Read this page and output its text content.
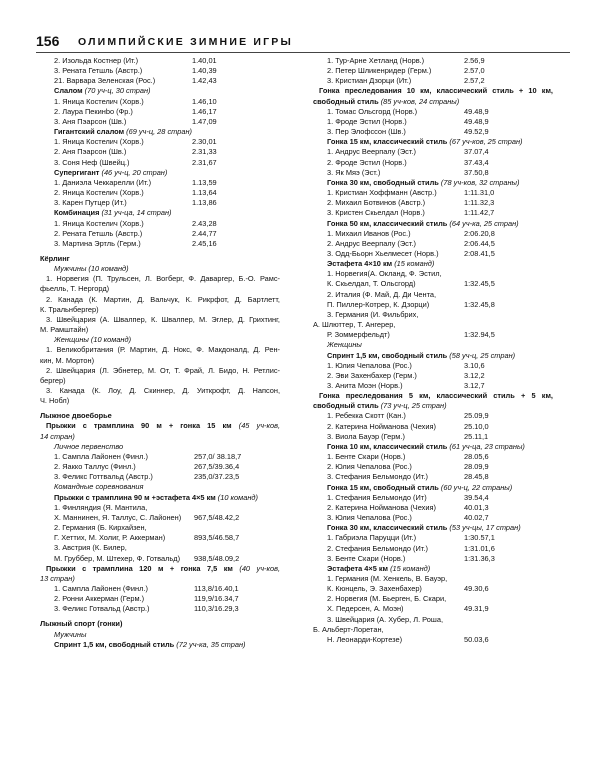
156 ОЛИМПИЙСКИЕ ЗИМНИЕ ИГРЫ
2. Изольда Костнер (Ит.)	1.40,01
3. Рената Гетшль (Австр.)	1.40,39
21. Варвара Зеленская (Рос.)	1.42,43
Слалом (70 уч-ц, 30 стран)
1. Яница Костелич (Хорв.)	1.46,10
2. Лаура Пекинbо (Фр.)	1.46,17
3. Аня Пэарсон (Шв.)	1.47,09
Гигантский слалом (69 уч-ц, 28 стран)
1. Яница Костелич (Хорв.)	2.30,01
2. Аня Пэарсон (Шв.)	2.31,33
3. Соня Неф (Швейц.)	2.31,67
Супергигант (46 уч-ц, 20 стран)
1. Даниэла Чеккарелли (Ит.)	1.13,59
2. Яница Костелич (Хорв.)	1.13,64
3. Карен Путцер (Ит.)	1.13,86
Комбинация (31 уч-ца, 14 стран)
1. Яница Костелич (Хорв.)	2.43,28
2. Рената Гетшль (Австр.)	2.44,77
3. Мартина Эртль (Герм.)	2.45,16
Кёрлинг
Мужчины (10 команд)
1. Норвегия (П. Трульсен, Л. Вогберг, Ф. Даваргер, Б.-О. Рамс-
фьелль, Т. Нергорд)
2. Канада (К. Мартин, Д. Вальчук, К. Рикрфот, Д. Бартлетт,
К. Тральнбергер)
3. Швейцария (А. Швалпер, К. Швалпер, М. Эглер, Д. Грихтинг,
М. Рамштайн)
Женщины (10 команд)
1. Великобритания (Р. Мартин, Д. Нокс, Ф. Макдоналд, Д. Рен-
кин, М. Мортон)
2. Швейцария (Л. Эбнетер, М. От, Т. Фрай, Л. Бидо, Н. Ретлис-
бергер)
3. Канада (К. Лоу, Д. Скиннер, Д. Уиткрофт, Д. Напсон,
Ч. Нобл)
Лыжное двоеборье
Прыжки с трамплина 90 м + гонка 15 км (45 уч-ков,
14 стран)
Личное первенство
1. Сампла Лайонен (Финл.)	257,0/ 38.18,7
2. Яакко Таллус (Финл.)	267,5/39.36,4
3. Феликс Готтвальд (Австр.)	235,0/37.23,5
Командные соревнования
Прыжки с трамплина 90 м +эстафета 4×5 км (10 команд)
1. Финляндия (Я. Мантила,
Х. Маннинен, Я. Таллус, С. Лайонен) 967,5/48.42,2
2. Германия (Б. Кирхайзен,
Г. Хеттих, М. Холиг, Р. Аккерман)	893,5/46.58,7
3. Австрия (К. Билер,
М. Груббер, М. Штехер, Ф. Готвальд) 938,5/48.09,2
Прыжки с трамплина 120 м + гонка 7,5 км (40 уч-ков,
13 стран)
1. Сампла Лайонен (Финл.)	113,8/16.40,1
2. Ронни Аккерман (Герм.)	119,9/16.34,7
3. Феликс Готвальд (Австр.)	110,3/16.29,3
Лыжный спорт (гонки)
Мужчины
Спринт 1,5 км, свободный стиль (72 уч-ка, 35 стран)
1. Тур-Арне Хетланд (Норв.)	2.56,9
2. Петер Шликенридер (Герм.)	2.57,0
3. Кристиан Дзорци (Ит.)	2.57,2
Гонка преследования 10 км, классический стиль + 10 км,
свободный стиль (85 уч-ков, 24 страны)
1. Томас Ольсгорд (Норв.)	49.48,9
1. Фроде Эстил (Норв.)	49.48,9
3. Пер Элофссон (Шв.)	49.52,9
Гонка 15 км, классический стиль (67 уч-ков, 25 стран)
1. Андрус Веерпалу (Эст.)	37.07,4
2. Фроде Эстил (Норв.)	37.43,4
3. Як Мяэ (Эст.)	37.50,8
Гонка 30 км, свободный стиль (78 уч-ков, 32 страны)
1. Кристиан Хоффманн (Австр.)	1:11.31,0
2. Михаил Ботвинов (Австр.)	1:11.32,3
3. Кристен Скьелдал (Норв.)	1:11.42,7
Гонка 50 км, классический стиль (64 уч-ка, 25 стран)
1. Михаил Иванов (Рос.)	2:06.20,8
2. Андрус Веерпалу (Эст.)	2:06.44,5
3. Одд-Бьорн Хьелмесет (Норв.)	2:08.41,5
Эстафета 4×10 км (15 команд)
1. Норвегия(А. Окланд, Ф. Эстил,
К. Скьелдал, Т. Ольсгорд)	1:32.45,5
2. Италия (Ф. Май, Д. Ди Чента,
П. Пиллер-Котрер, К. Дзорци)	1:32.45,8
3. Германия (И. Фильбрих,
А. Шлюттер, Т. Ангерер,
Р. Зоммерфельдт)	1:32.94,5
Женщины
Спринт 1,5 км, свободный стиль (58 уч-ц, 25 стран)
1. Юлия Чепалова (Рос.)	3.10,6
2. Эви Захенбахер (Герм.)	3.12,2
3. Анита Моэн (Норв.)	3.12,7
Гонка преследования 5 км, классический стиль + 5 км,
свободный стиль (73 уч-ц, 25 стран)
1. Ребекка Скотт (Кан.)	25.09,9
2. Катерина Нойманова (Чехия)	25.10,0
3. Виола Бауэр (Герм.)	25.11,1
Гонка 10 км, классический стиль (61 уч-ца, 23 страны)
1. Бенте Скари (Норв.)	28.05,6
2. Юлия Чепалова (Рос.)	28.09,9
3. Стефания Бельмондо (Ит.)	28.45,8
Гонка 15 км, свободный стиль (60 уч-ц, 22 страны)
1. Стефания Бельмондо (Ит)	39.54,4
2. Катерина Нойманова (Чехия)	40.01,3
3. Юлия Чепалова (Рос.)	40.02,7
Гонка 30 км, классический стиль (53 уч-цы, 17 стран)
1. Габриэла Паруцци (Ит.)	1:30.57,1
2. Стефания Бельмондо (Ит.)	1:31.01,6
3. Бенте Скари (Норв.)	1:31.36,3
Эстафета 4×5 км (15 команд)
1. Германия (М. Хенкель, В. Бауэр,
К. Кюнцель, Э. Захенбахер)	49.30,6
2. Норвегия (М. Бьерген, Б. Скари,
Х. Педерсен, А. Моэн)	49.31,9
3. Швейцария (А. Хубер, Л. Роша,
Б. Альберт-Лоретан,
Н. Леонарди-Кортезе)	50.03,6
